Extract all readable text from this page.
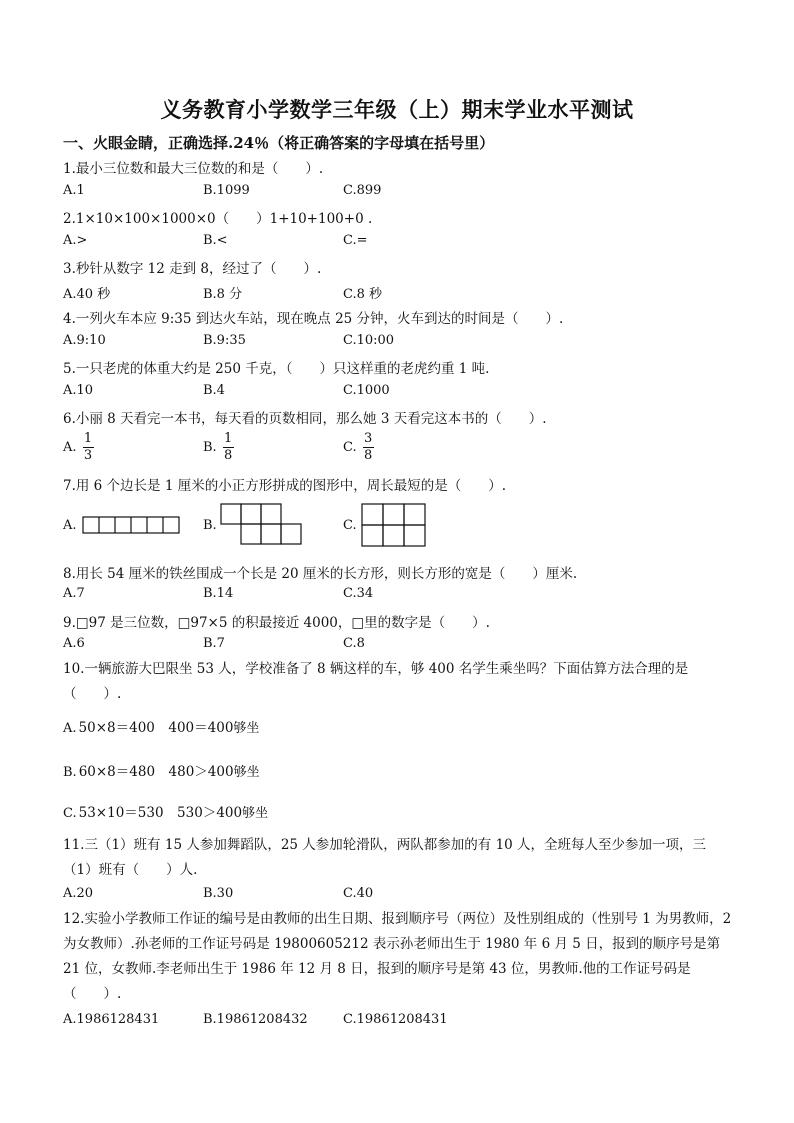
义务教育小学数学三年级（上）期末学业水平测试
一、火眼金睛，正确选择.24％（将正确答案的字母填在括号里）
1.最小三位数和最大三位数的和是（　　）.
A.1	B.1099	C.899
2.1×10×100×1000×0（　　）1+10+100+0 .
A.>	B.<	C.=
3.秒针从数字 12 走到 8，经过了（　　）.
A.40 秒	B.8 分	C.8 秒
4.一列火车本应 9:35 到达火车站，现在晚点 25 分钟，火车到达的时间是（　　）.
A.9:10	B.9:35	C.10:00
5.一只老虎的体重大约是 250 千克，（　　）只这样重的老虎约重 1 吨.
A.10	B.4	C.1000
6.小丽 8 天看完一本书，每天看的页数相同，那么她 3 天看完这本书的（　　）.
A. $\frac{1}{3}$	B. $\frac{1}{8}$	C. $\frac{3}{8}$
7.用 6 个边长是 1 厘米的小正方形拼成的图形中，周长最短的是（　　）.
A.	B.	C.
8.用长 54 厘米的铁丝围成一个长是 20 厘米的长方形，则长方形的宽是（　　）厘米.
A.7	B.14	C.34
9.□97 是三位数，□97×5 的积最接近 4000，□里的数字是（　　）.
A.6	B.7	C.8
10.一辆旅游大巴限坐 53 人，学校准备了 8 辆这样的车，够 400 名学生乘坐吗？下面估算方法合理的是（　　）.
A. 50×8＝400　400＝400够坐
B. 60×8＝480　480＞400够坐
C. 53×10＝530　530＞400够坐
11.三（1）班有 15 人参加舞蹈队，25 人参加轮滑队，两队都参加的有 10 人，全班每人至少参加一项，三（1）班有（　　）人.
A.20	B.30	C.40
12.实验小学教师工作证的编号是由教师的出生日期、报到顺序号（两位）及性别组成的（性别号 1 为男教师，2 为女教师）.孙老师的工作证号码是 19800605212 表示孙老师出生于 1980 年 6 月 5 日，报到的顺序号是第 21 位，女教师.李老师出生于 1986 年 12 月 8 日，报到的顺序号是第 43 位，男教师.他的工作证号码是（　　）.
A.1986128431	B.19861208432	C.19861208431
